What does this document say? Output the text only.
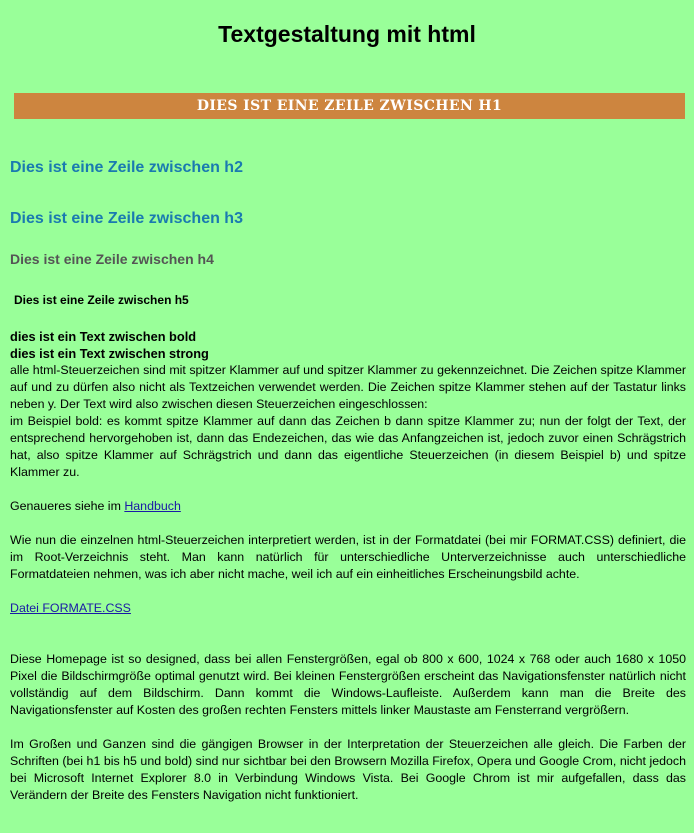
Textgestaltung mit html
DIES IST EINE ZEILE ZWISCHEN H1
Dies ist eine Zeile zwischen h2
Dies ist eine Zeile zwischen h3
Dies ist eine Zeile zwischen h4
Dies ist eine Zeile zwischen h5

dies ist ein Text zwischen bold

dies ist ein Text zwischen strong

alle html-Steuerzeichen sind mit spitzer Klammer auf und spitzer Klammer zu gekennzeichnet. Die Zeichen spitze Klammer auf und zu dürfen also nicht als Textzeichen verwendet werden. Die Zeichen spitze Klammer stehen auf der Tastatur links neben y. Der Text wird also zwischen diesen Steuerzeichen eingeschlossen:

im Beispiel bold: es kommt spitze Klammer auf dann das Zeichen b dann spitze Klammer zu; nun der folgt der Text, der entsprechend hervorgehoben ist, dann das Endezeichen, das wie das Anfangzeichen ist, jedoch zuvor einen Schrägstrich hat, also spitze Klammer auf Schrägstrich und dann das eigentliche Steuerzeichen (in diesem Beispiel b) und spitze Klammer zu.

Genaueres siehe im Handbuch

Wie nun die einzelnen html-Steuerzeichen interpretiert werden, ist in der Formatdatei (bei mir FORMAT.CSS) definiert, die im Root-Verzeichnis steht. Man kann natürlich für unterschiedliche Unterverzeichnisse auch unterschiedliche Formatdateien nehmen, was ich aber nicht mache, weil ich auf ein einheitliches Erscheinungsbild achte.

Datei FORMATE.CSS

Diese Homepage ist so designed, dass bei allen Fenstergrößen, egal ob 800 x 600, 1024 x 768 oder auch 1680 x 1050 Pixel die Bildschirmgröße optimal genutzt wird. Bei kleinen Fenstergrößen erscheint das Navigationsfenster natürlich nicht vollständig auf dem Bildschirm. Dann kommt die Windows-Laufleiste. Außerdem kann man die Breite des Navigationsfenster auf Kosten des großen rechten Fensters mittels linker Maustaste am Fensterrand vergrößern.

Im Großen und Ganzen sind die gängigen Browser in der Interpretation der Steuerzeichen alle gleich. Die Farben der Schriften (bei h1 bis h5 und bold) sind nur sichtbar bei den Browsern Mozilla Firefox, Opera und Google Crom, nicht jedoch bei Microsoft Internet Explorer 8.0 in Verbindung Windows Vista. Bei Google Chrom ist mir aufgefallen, dass das Verändern der Breite des Fensters Navigation nicht funktioniert.
